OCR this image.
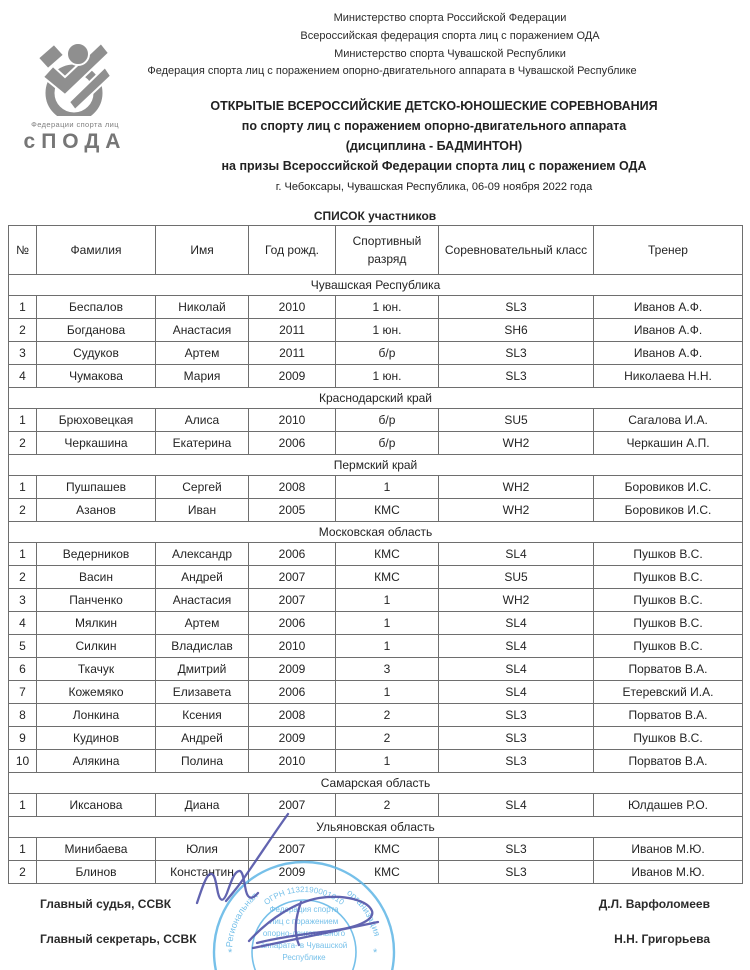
Министерство спорта Российской Федерации
Всероссийская федерация спорта лиц с поражением ОДА
Министерство спорта Чувашской Республики
Федерация спорта лиц с поражением опорно-двигательного аппарата в Чувашской Республике
Федерации спорта лиц
сПОДА
ОТКРЫТЫЕ ВСЕРОССИЙСКИЕ ДЕТСКО-ЮНОШЕСКИЕ СОРЕВНОВАНИЯ
по спорту лиц с поражением опорно-двигательного аппарата
(дисциплина - БАДМИНТОН)
на призы Всероссийской Федерации спорта лиц с поражением ОДА
г. Чебоксары, Чувашская Республика, 06-09 ноября 2022 года
СПИСОК участников
№	Фамилия	Имя	Год рожд.	Спортивный разряд	Соревновательный класс	Тренер
Чувашская Республика						
1	Беспалов	Николай	2010	1 юн.	SL3	Иванов А.Ф.
2	Богданова	Анастасия	2011	1 юн.	SH6	Иванов А.Ф.
3	Судуков	Артем	2011	б/р	SL3	Иванов А.Ф.
4	Чумакова	Мария	2009	1 юн.	SL3	Николаева Н.Н.
Краснодарский край						
1	Брюховецкая	Алиса	2010	б/р	SU5	Сагалова И.А.
2	Черкашина	Екатерина	2006	б/р	WH2	Черкашин А.П.
Пермский край						
1	Пушпашев	Сергей	2008	1	WH2	Боровиков И.С.
2	Азанов	Иван	2005	КМС	WH2	Боровиков И.С.
Московская область						
1	Ведерников	Александр	2006	КМС	SL4	Пушков В.С.
2	Васин	Андрей	2007	КМС	SU5	Пушков В.С.
3	Панченко	Анастасия	2007	1	WH2	Пушков В.С.
4	Мялкин	Артем	2006	1	SL4	Пушков В.С.
5	Силкин	Владислав	2010	1	SL4	Пушков В.С.
6	Ткачук	Дмитрий	2009	3	SL4	Порватов В.А.
7	Кожемяко	Елизавета	2006	1	SL4	Етеревский И.А.
8	Лонкина	Ксения	2008	2	SL3	Порватов В.А.
9	Кудинов	Андрей	2009	2	SL3	Пушков В.С.
10	Алякина	Полина	2010	1	SL3	Порватов В.А.
Самарская область						
1	Иксанова	Диана	2007	2	SL4	Юлдашев Р.О.
Ульяновская область						
1	Минибаева	Юлия	2007	КМС	SL3	Иванов М.Ю.
2	Блинов	Константин	2009	КМС	SL3	Иванов М.Ю.
Главный судья, ССВК	Д.Л. Варфоломеев
Главный секретарь, ССВК	Н.Н. Григорьева
Региональная	организация
ОГРН 1132190001010
*	*
Федерация спорта
лиц с поражением
опорно-двигательного
аппарата- в Чувашской
Республике
